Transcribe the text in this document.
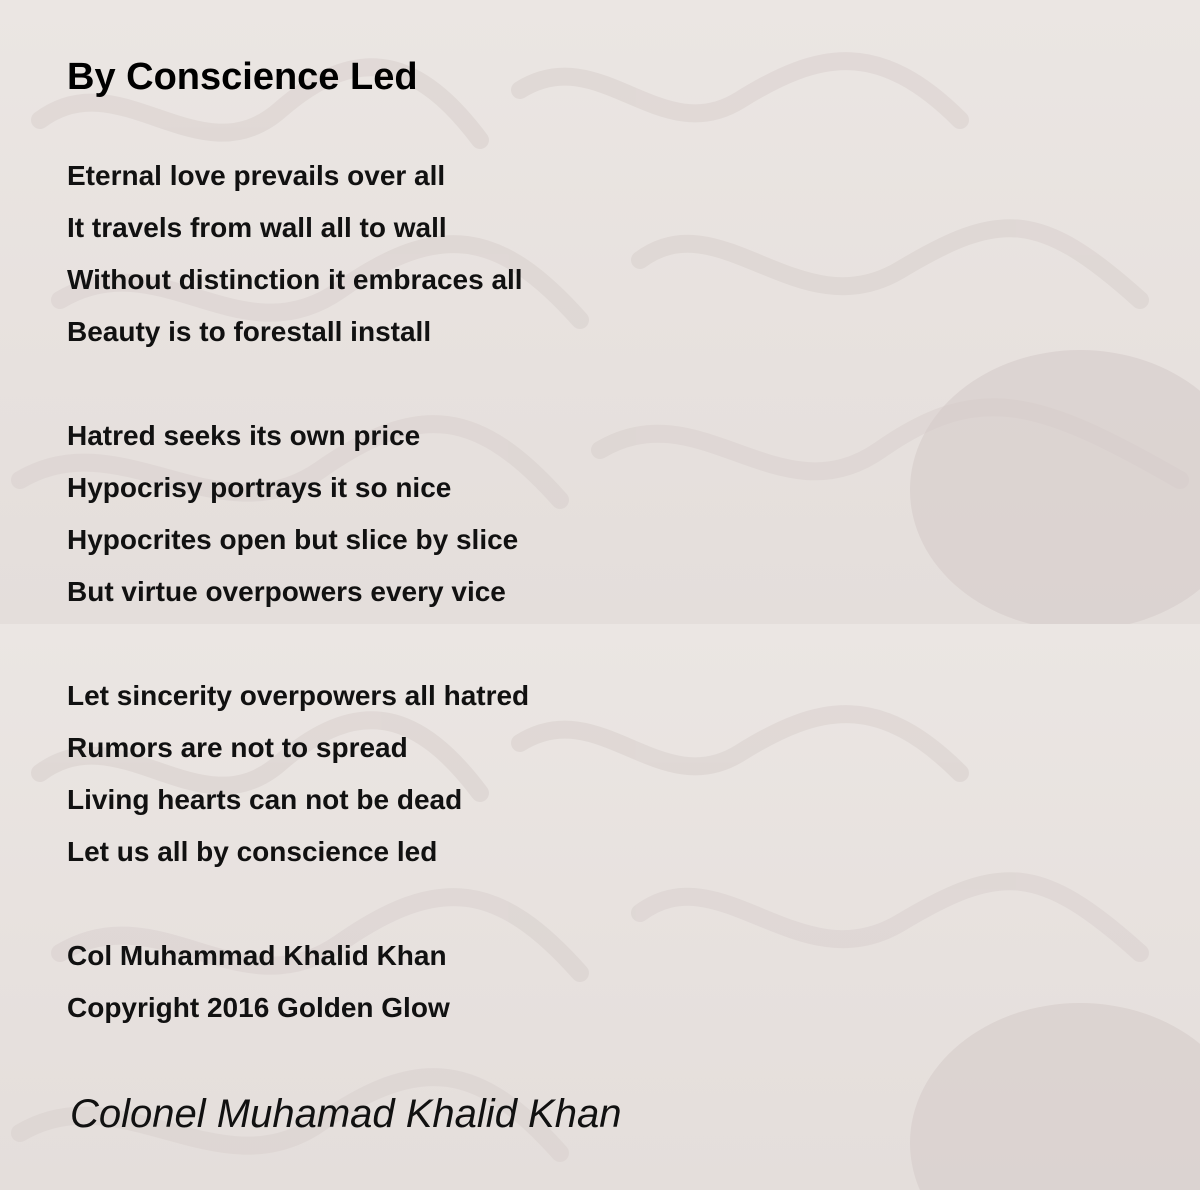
By Conscience Led
Eternal love prevails over all
It travels from wall all to wall
Without distinction it embraces all
Beauty is to forestall install
Hatred seeks its own price
Hypocrisy portrays it so nice
Hypocrites open but slice by slice
But virtue overpowers every vice
Let sincerity overpowers all hatred
Rumors are not to spread
Living hearts can not be dead
Let us all by conscience led
Col Muhammad Khalid Khan
Copyright 2016 Golden Glow

Colonel Muhamad Khalid Khan
